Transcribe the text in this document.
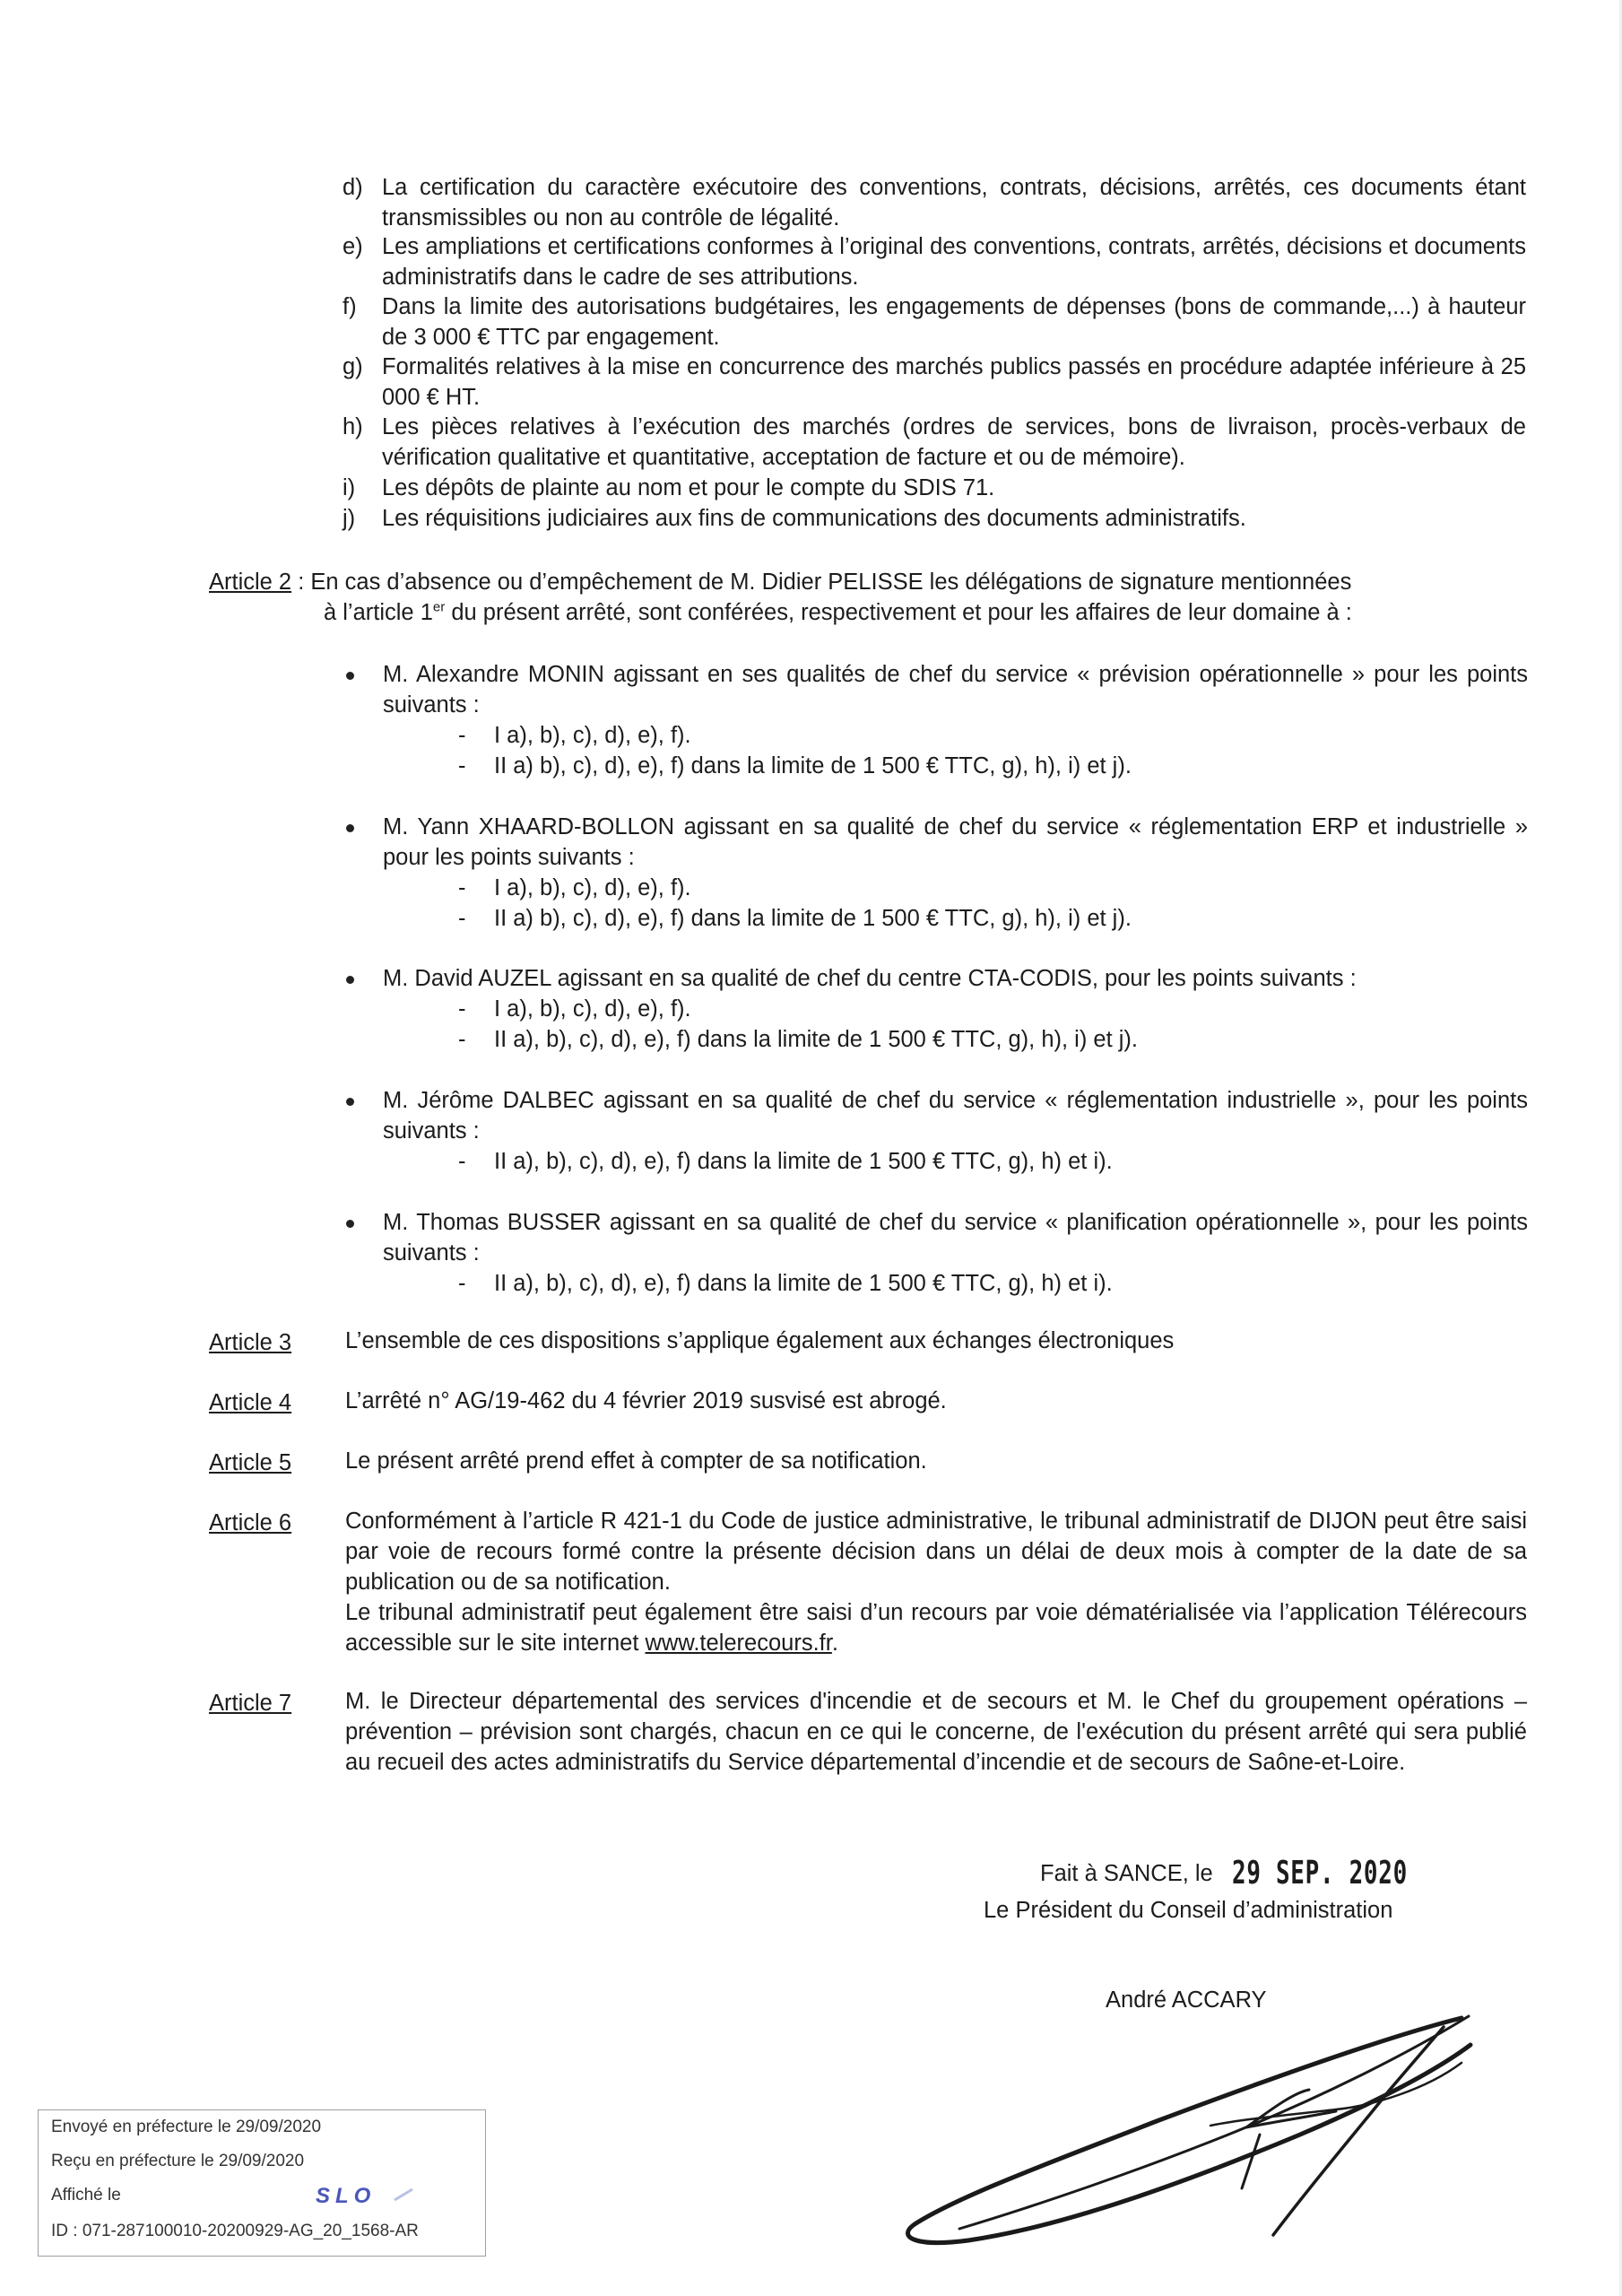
d) La certification du caractère exécutoire des conventions, contrats, décisions, arrêtés, ces documents étant transmissibles ou non au contrôle de légalité.
e) Les ampliations et certifications conformes à l’original des conventions, contrats, arrêtés, décisions et documents administratifs dans le cadre de ses attributions.
f)	Dans la limite des autorisations budgétaires, les engagements de dépenses (bons de commande,...) à hauteur de 3 000 € TTC par engagement.
g) Formalités relatives à la mise en concurrence des marchés publics passés en procédure adaptée inférieure à 25 000 € HT.
h) Les pièces relatives à l’exécution des marchés (ordres de services, bons de livraison, procès-verbaux de vérification qualitative et quantitative, acceptation de facture et ou de mémoire).
i)	Les dépôts de plainte au nom et pour le compte du SDIS 71.
j)	Les réquisitions judiciaires aux fins de communications des documents administratifs.
Article 2 : En cas d’absence ou d’empêchement de M. Didier PELISSE les délégations de signature mentionnées
à l’article 1er du présent arrêté, sont conférées, respectivement et pour les affaires de leur domaine à :
M. Alexandre MONIN agissant en ses qualités de chef du service « prévision opérationnelle » pour les points suivants :
- I a), b), c), d), e), f).
- II a) b), c), d), e), f) dans la limite de 1 500 € TTC, g), h), i) et j).
M. Yann XHAARD-BOLLON agissant en sa qualité de chef du service « réglementation ERP et industrielle » pour les points suivants :
- I a), b), c), d), e), f).
- II a) b), c), d), e), f) dans la limite de 1 500 € TTC, g), h), i) et j).
M. David AUZEL agissant en sa qualité de chef du centre CTA-CODIS, pour les points suivants :
- I a), b), c), d), e), f).
- II a), b), c), d), e), f) dans la limite de 1 500 € TTC, g), h), i) et j).
M. Jérôme DALBEC agissant en sa qualité de chef du service « réglementation industrielle », pour les points suivants :
- II a), b), c), d), e), f) dans la limite de 1 500 € TTC, g), h) et i).
M. Thomas BUSSER agissant en sa qualité de chef du service « planification opérationnelle », pour les points suivants :
- II a), b), c), d), e), f) dans la limite de 1 500 € TTC, g), h) et i).
Article 3 L’ensemble de ces dispositions s’applique également aux échanges électroniques
Article 4 L’arrêté n° AG/19-462 du 4 février 2019 susvisé est abrogé.
Article 5 Le présent arrêté prend effet à compter de sa notification.
Article 6 Conformément à l’article R 421-1 du Code de justice administrative, le tribunal administratif de DIJON peut être saisi par voie de recours formé contre la présente décision dans un délai de deux mois à compter de la date de sa publication ou de sa notification.
Le tribunal administratif peut également être saisi d’un recours par voie dématérialisée via l’application Télérecours accessible sur le site internet www.telerecours.fr.
Article 7 M. le Directeur départemental des services d'incendie et de secours et M. le Chef du groupement opérations – prévention – prévision sont chargés, chacun en ce qui le concerne, de l'exécution du présent arrêté qui sera publié au recueil des actes administratifs du Service départemental d’incendie et de secours de Saône-et-Loire.
Fait à SANCE, le 29 SEP. 2020
Le Président du Conseil d’administration
André ACCARY
Envoyé en préfecture le 29/09/2020
Reçu en préfecture le 29/09/2020
Affiché le	SLO
ID : 071-287100010-20200929-AG_20_1568-AR
